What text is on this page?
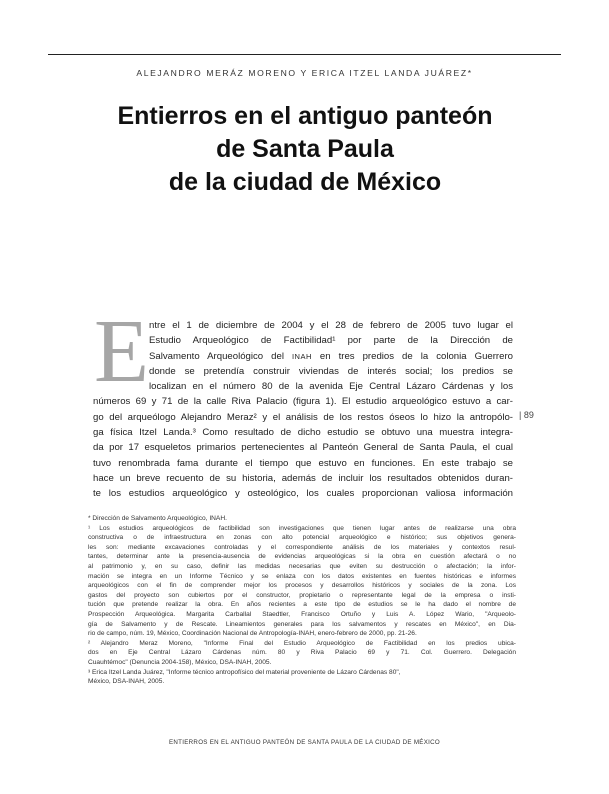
ALEJANDRO MERÁZ MORENO Y ERICA ITZEL LANDA JUÁREZ*
Entierros en el antiguo panteón
de Santa Paula
de la ciudad de México
E ntre el 1 de diciembre de 2004 y el 28 de febrero de 2005 tuvo lugar el
Estudio Arqueológico de Factibilidad¹ por parte de la Dirección de
Salvamento Arqueológico del INAH en tres predios de la colonia Guerrero
donde se pretendía construir viviendas de interés social; los predios se
localizan en el número 80 de la avenida Eje Central Lázaro Cárdenas y los
números 69 y 71 de la calle Riva Palacio (figura 1). El estudio arqueológico estuvo a car-
go del arqueólogo Alejandro Meraz² y el análisis de los restos óseos lo hizo la antropólo-
ga física Itzel Landa.³ Como resultado de dicho estudio se obtuvo una muestra integra-
da por 17 esqueletos primarios pertenecientes al Panteón General de Santa Paula, el cual
tuvo renombrada fama durante el tiempo que estuvo en funciones. En este trabajo se
hace un breve recuento de su historia, además de incluir los resultados obtenidos duran-
te los estudios arqueológico y osteológico, los cuales proporcionan valiosa información
| 89
* Dirección de Salvamento Arqueológico, INAH.
¹ Los estudios arqueológicos de factibilidad son investigaciones que tienen lugar antes de realizarse una obra
constructiva o de infraestructura en zonas con alto potencial arqueológico e histórico; sus objetivos genera-
les son: mediante excavaciones controladas y el correspondiente análisis de los materiales y contextos resul-
tantes, determinar ante la presencia-ausencia de evidencias arqueológicas si la obra en cuestión afectará o no
al patrimonio y, en su caso, definir las medidas necesarias que eviten su destrucción o afectación; la infor-
mación se integra en un Informe Técnico y se enlaza con los datos existentes en fuentes históricas e informes
arqueológicos con el fin de comprender mejor los procesos y desarrollos históricos y sociales de la zona. Los
gastos del proyecto son cubiertos por el constructor, propietario o representante legal de la empresa o insti-
tución que pretende realizar la obra. En años recientes a este tipo de estudios se le ha dado el nombre de
Prospección Arqueológica. Margarita Carballal Staedtler, Francisco Ortuño y Luis A. López Wario, "Arqueolo-
gía de Salvamento y de Rescate. Lineamientos generales para los salvamentos y rescates en México", en Dia-
rio de campo, núm. 19, México, Coordinación Nacional de Antropología-INAH, enero-febrero de 2000, pp. 21-26.
² Alejandro Meraz Moreno, "Informe Final del Estudio Arqueológico de Factibilidad en los predios ubica-
dos en Eje Central Lázaro Cárdenas núm. 80 y Riva Palacio 69 y 71. Col. Guerrero. Delegación
Cuauhtémoc" (Denuncia 2004-158), México, DSA-INAH, 2005.
³ Erica Itzel Landa Juárez, "Informe técnico antropofísico del material proveniente de Lázaro Cárdenas 80",
México, DSA-INAH, 2005.
ENTIERROS EN EL ANTIGUO PANTEÓN DE SANTA PAULA DE LA CIUDAD DE MÉXICO
